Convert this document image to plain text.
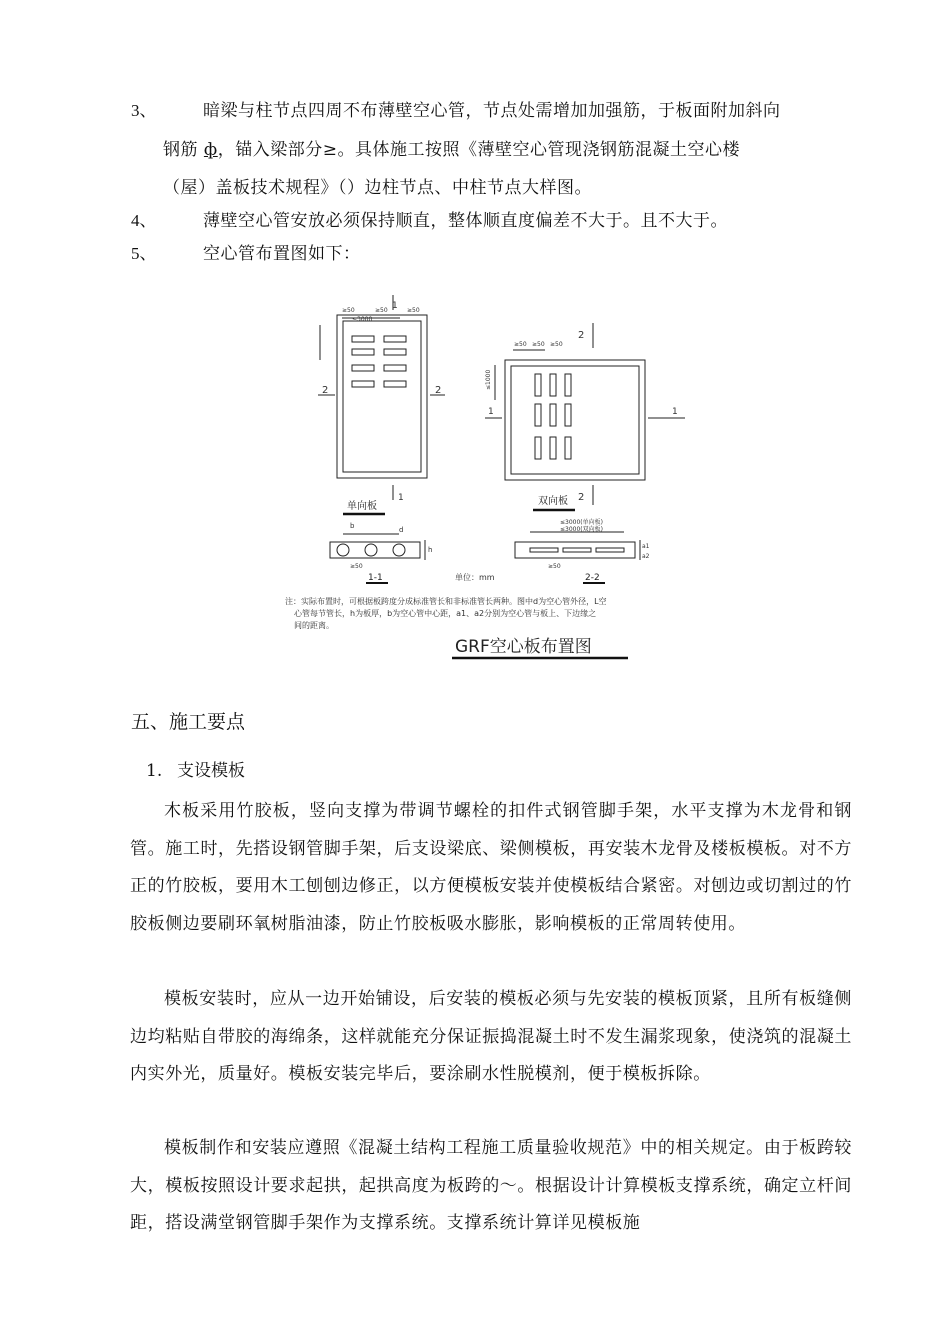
3、	暗梁与柱节点四周不布薄壁空心管，节点处需增加加强筋，于板面附加斜向
钢筋 ф，锚入梁部分≥。具体施工按照《薄壁空心管现浇钢筋混凝土空心楼
（屋）盖板技术规程》（）边柱节点、中柱节点大样图。
4、	薄壁空心管安放必须保持顺直，整体顺直度偏差不大于。且不大于。
5、	空心管布置图如下：
单向板	双向板
1
1
2	2
2
2
1	1
≥50	≥50	≥50
≤3000
≥50 ≥50 ≥50
≤1000
b	d
h	a1
a2
≤3000(单向板)
≤3000(双向板)
≥50	≥50
1-1	2-2
单位：mm
注：实际布置时，可根据板跨度分成标准管长和非标准管长两种。图中d为空心管外径，L空
心管每节管长，h为板厚，b为空心管中心距，a1、a2分别为空心管与板上、下边缘之
间的距离。
GRF空心板布置图
五、施工要点
1. 支设模板

木板采用竹胶板，竖向支撑为带调节螺栓的扣件式钢管脚手架，水平支撑为木龙骨和钢管。施工时，先搭设钢管脚手架，后支设梁底、梁侧模板，再安装木龙骨及楼板模板。对不方正的竹胶板，要用木工刨刨边修正，以方便模板安装并使模板结合紧密。对刨边或切割过的竹胶板侧边要刷环氧树脂油漆，防止竹胶板吸水膨胀，影响模板的正常周转使用。

模板安装时，应从一边开始铺设，后安装的模板必须与先安装的模板顶紧，且所有板缝侧边均粘贴自带胶的海绵条，这样就能充分保证振捣混凝土时不发生漏浆现象，使浇筑的混凝土内实外光，质量好。模板安装完毕后，要涂刷水性脱模剂，便于模板拆除。

模板制作和安装应遵照《混凝土结构工程施工质量验收规范》中的相关规定。由于板跨较大，模板按照设计要求起拱，起拱高度为板跨的～。根据设计计算模板支撑系统，确定立杆间距，搭设满堂钢管脚手架作为支撑系统。支撑系统计算详见模板施
